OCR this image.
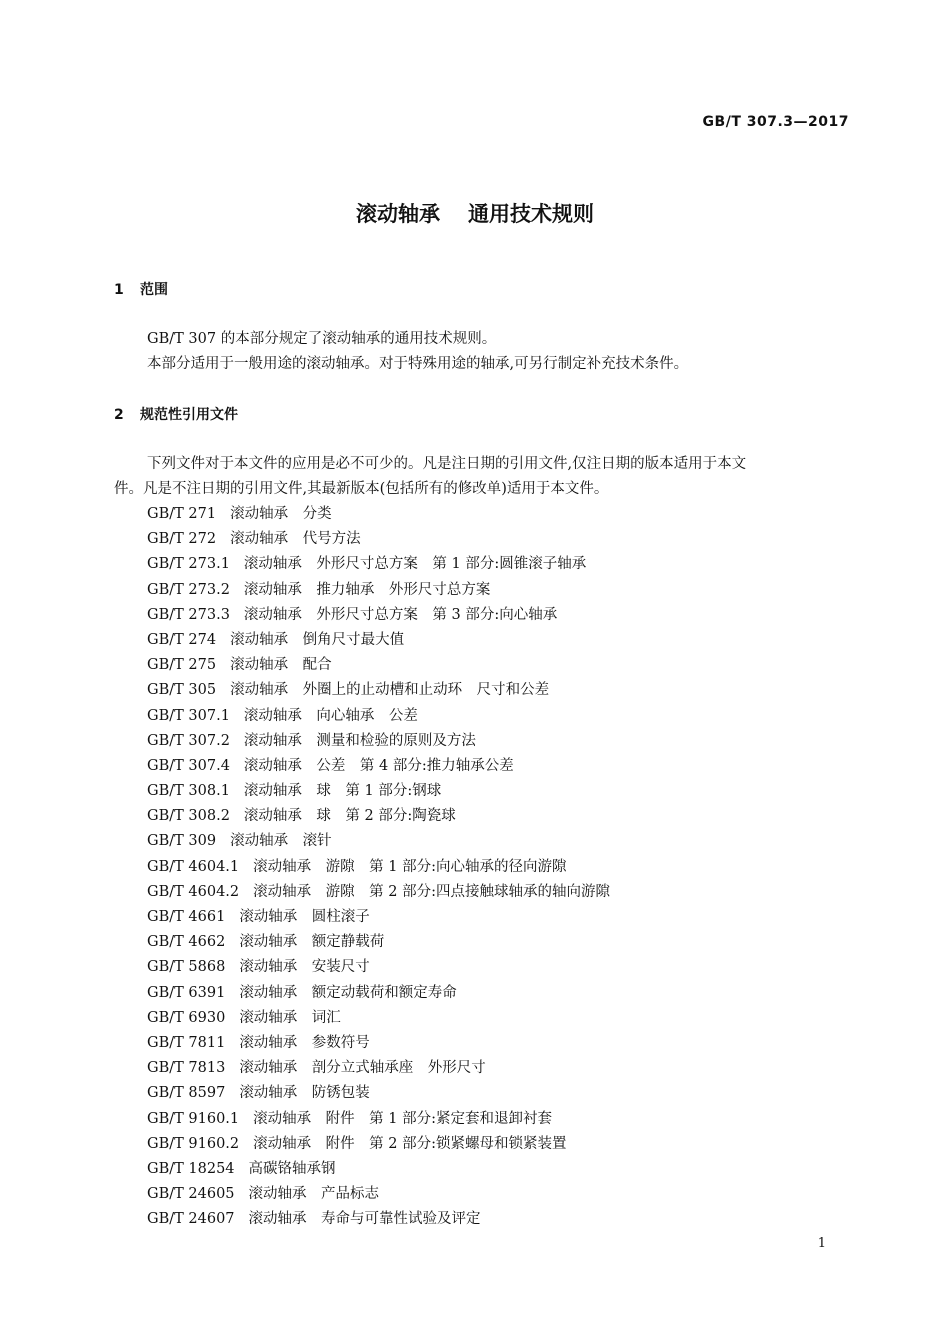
GB/T 307.3—2017
滚动轴承 通用技术规则
1 范围
GB/T 307 的本部分规定了滚动轴承的通用技术规则。
本部分适用于一般用途的滚动轴承。对于特殊用途的轴承,可另行制定补充技术条件。
2 规范性引用文件
下列文件对于本文件的应用是必不可少的。凡是注日期的引用文件,仅注日期的版本适用于本文
件。凡是不注日期的引用文件,其最新版本(包括所有的修改单)适用于本文件。
GB/T 271 滚动轴承　分类
GB/T 272 滚动轴承　代号方法
GB/T 273.1 滚动轴承　外形尺寸总方案　第 1 部分:圆锥滚子轴承
GB/T 273.2 滚动轴承　推力轴承　外形尺寸总方案
GB/T 273.3 滚动轴承　外形尺寸总方案　第 3 部分:向心轴承
GB/T 274 滚动轴承　倒角尺寸最大值
GB/T 275 滚动轴承　配合
GB/T 305 滚动轴承　外圈上的止动槽和止动环　尺寸和公差
GB/T 307.1 滚动轴承　向心轴承　公差
GB/T 307.2 滚动轴承　测量和检验的原则及方法
GB/T 307.4 滚动轴承　公差　第 4 部分:推力轴承公差
GB/T 308.1 滚动轴承　球　第 1 部分:钢球
GB/T 308.2 滚动轴承　球　第 2 部分:陶瓷球
GB/T 309 滚动轴承　滚针
GB/T 4604.1 滚动轴承　游隙　第 1 部分:向心轴承的径向游隙
GB/T 4604.2 滚动轴承　游隙　第 2 部分:四点接触球轴承的轴向游隙
GB/T 4661 滚动轴承　圆柱滚子
GB/T 4662 滚动轴承　额定静载荷
GB/T 5868 滚动轴承　安装尺寸
GB/T 6391 滚动轴承　额定动载荷和额定寿命
GB/T 6930 滚动轴承　词汇
GB/T 7811 滚动轴承　参数符号
GB/T 7813 滚动轴承　剖分立式轴承座　外形尺寸
GB/T 8597 滚动轴承　防锈包装
GB/T 9160.1 滚动轴承　附件　第 1 部分:紧定套和退卸衬套
GB/T 9160.2 滚动轴承　附件　第 2 部分:锁紧螺母和锁紧装置
GB/T 18254 高碳铬轴承钢
GB/T 24605 滚动轴承　产品标志
GB/T 24607 滚动轴承　寿命与可靠性试验及评定
1
